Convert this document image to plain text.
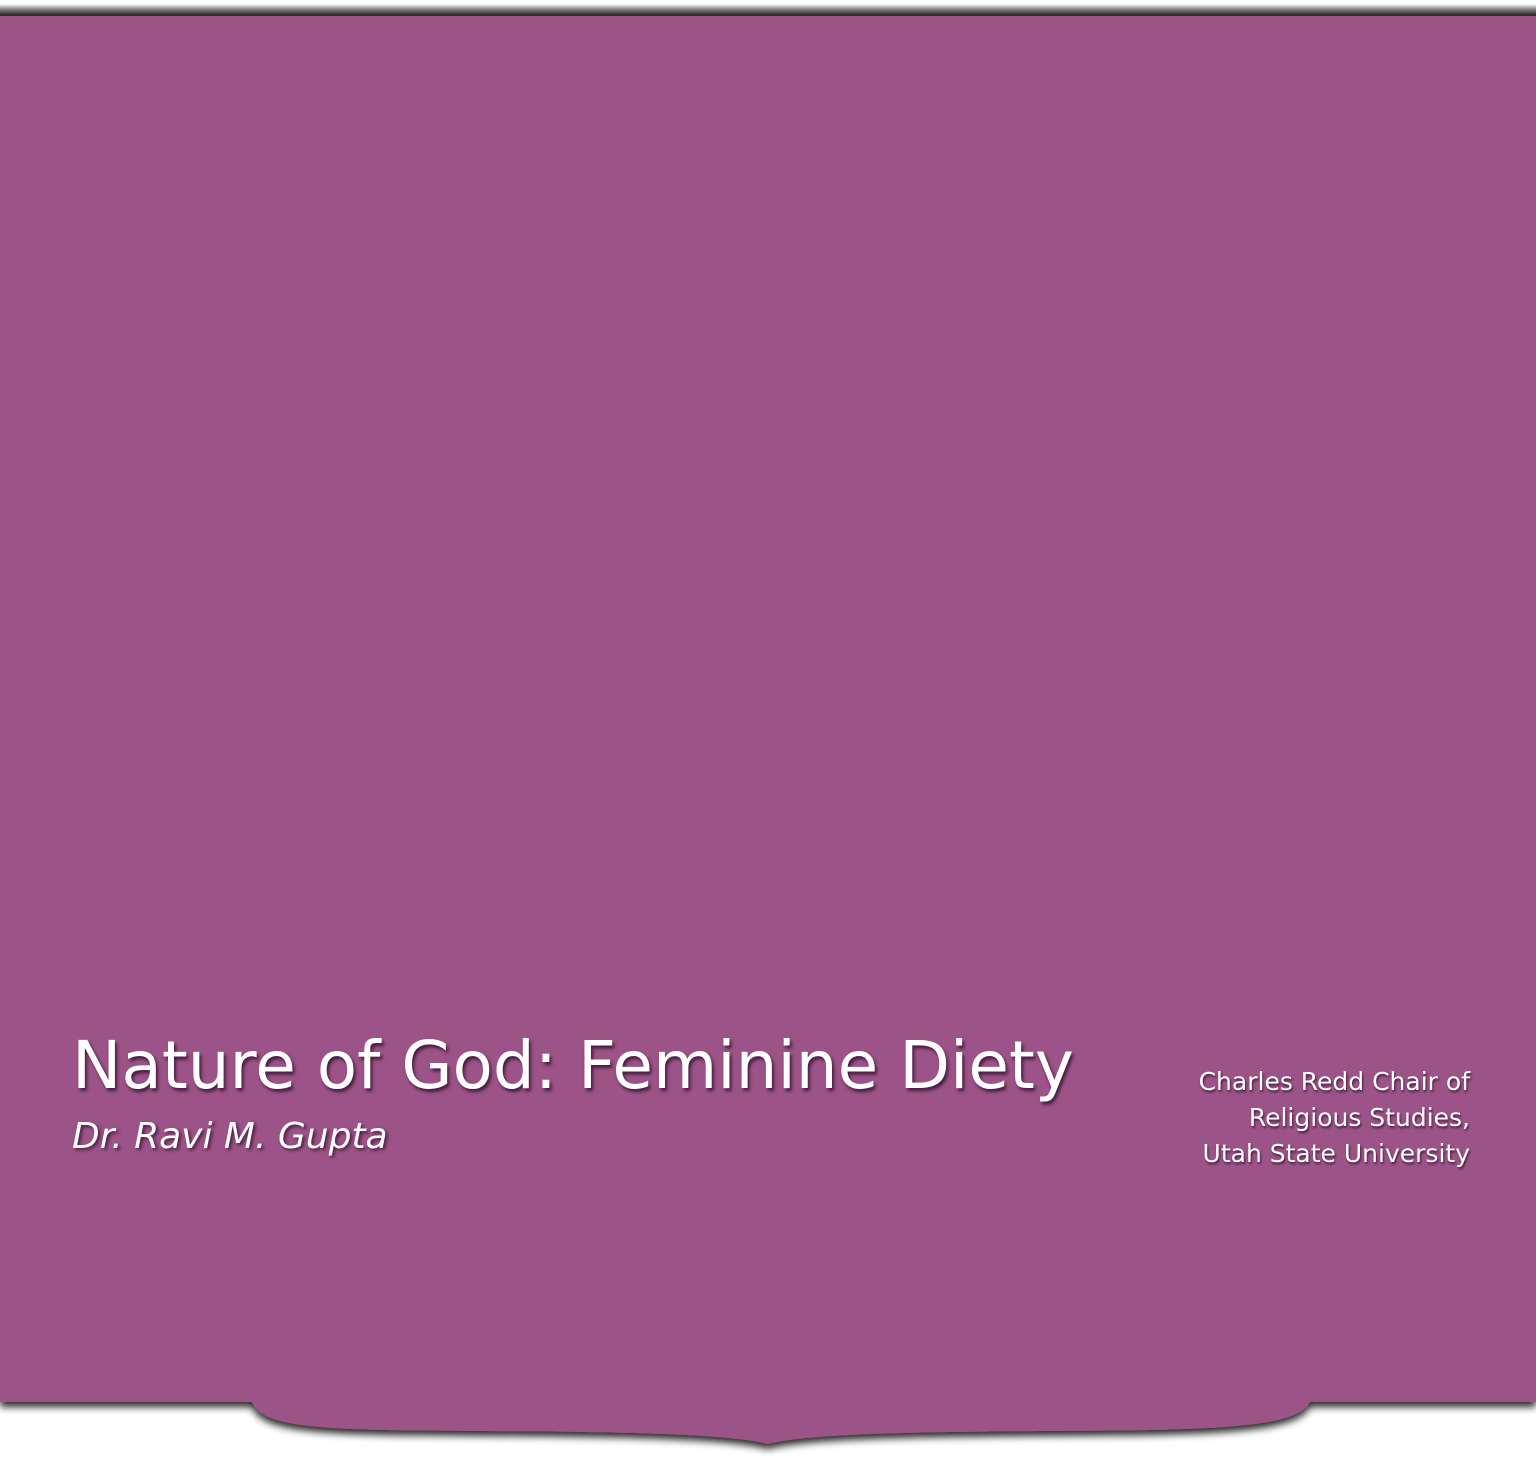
Nature of God: Feminine Diety

Dr. Ravi M. Gupta

Charles Redd Chair of
Religious Studies,
Utah State University
